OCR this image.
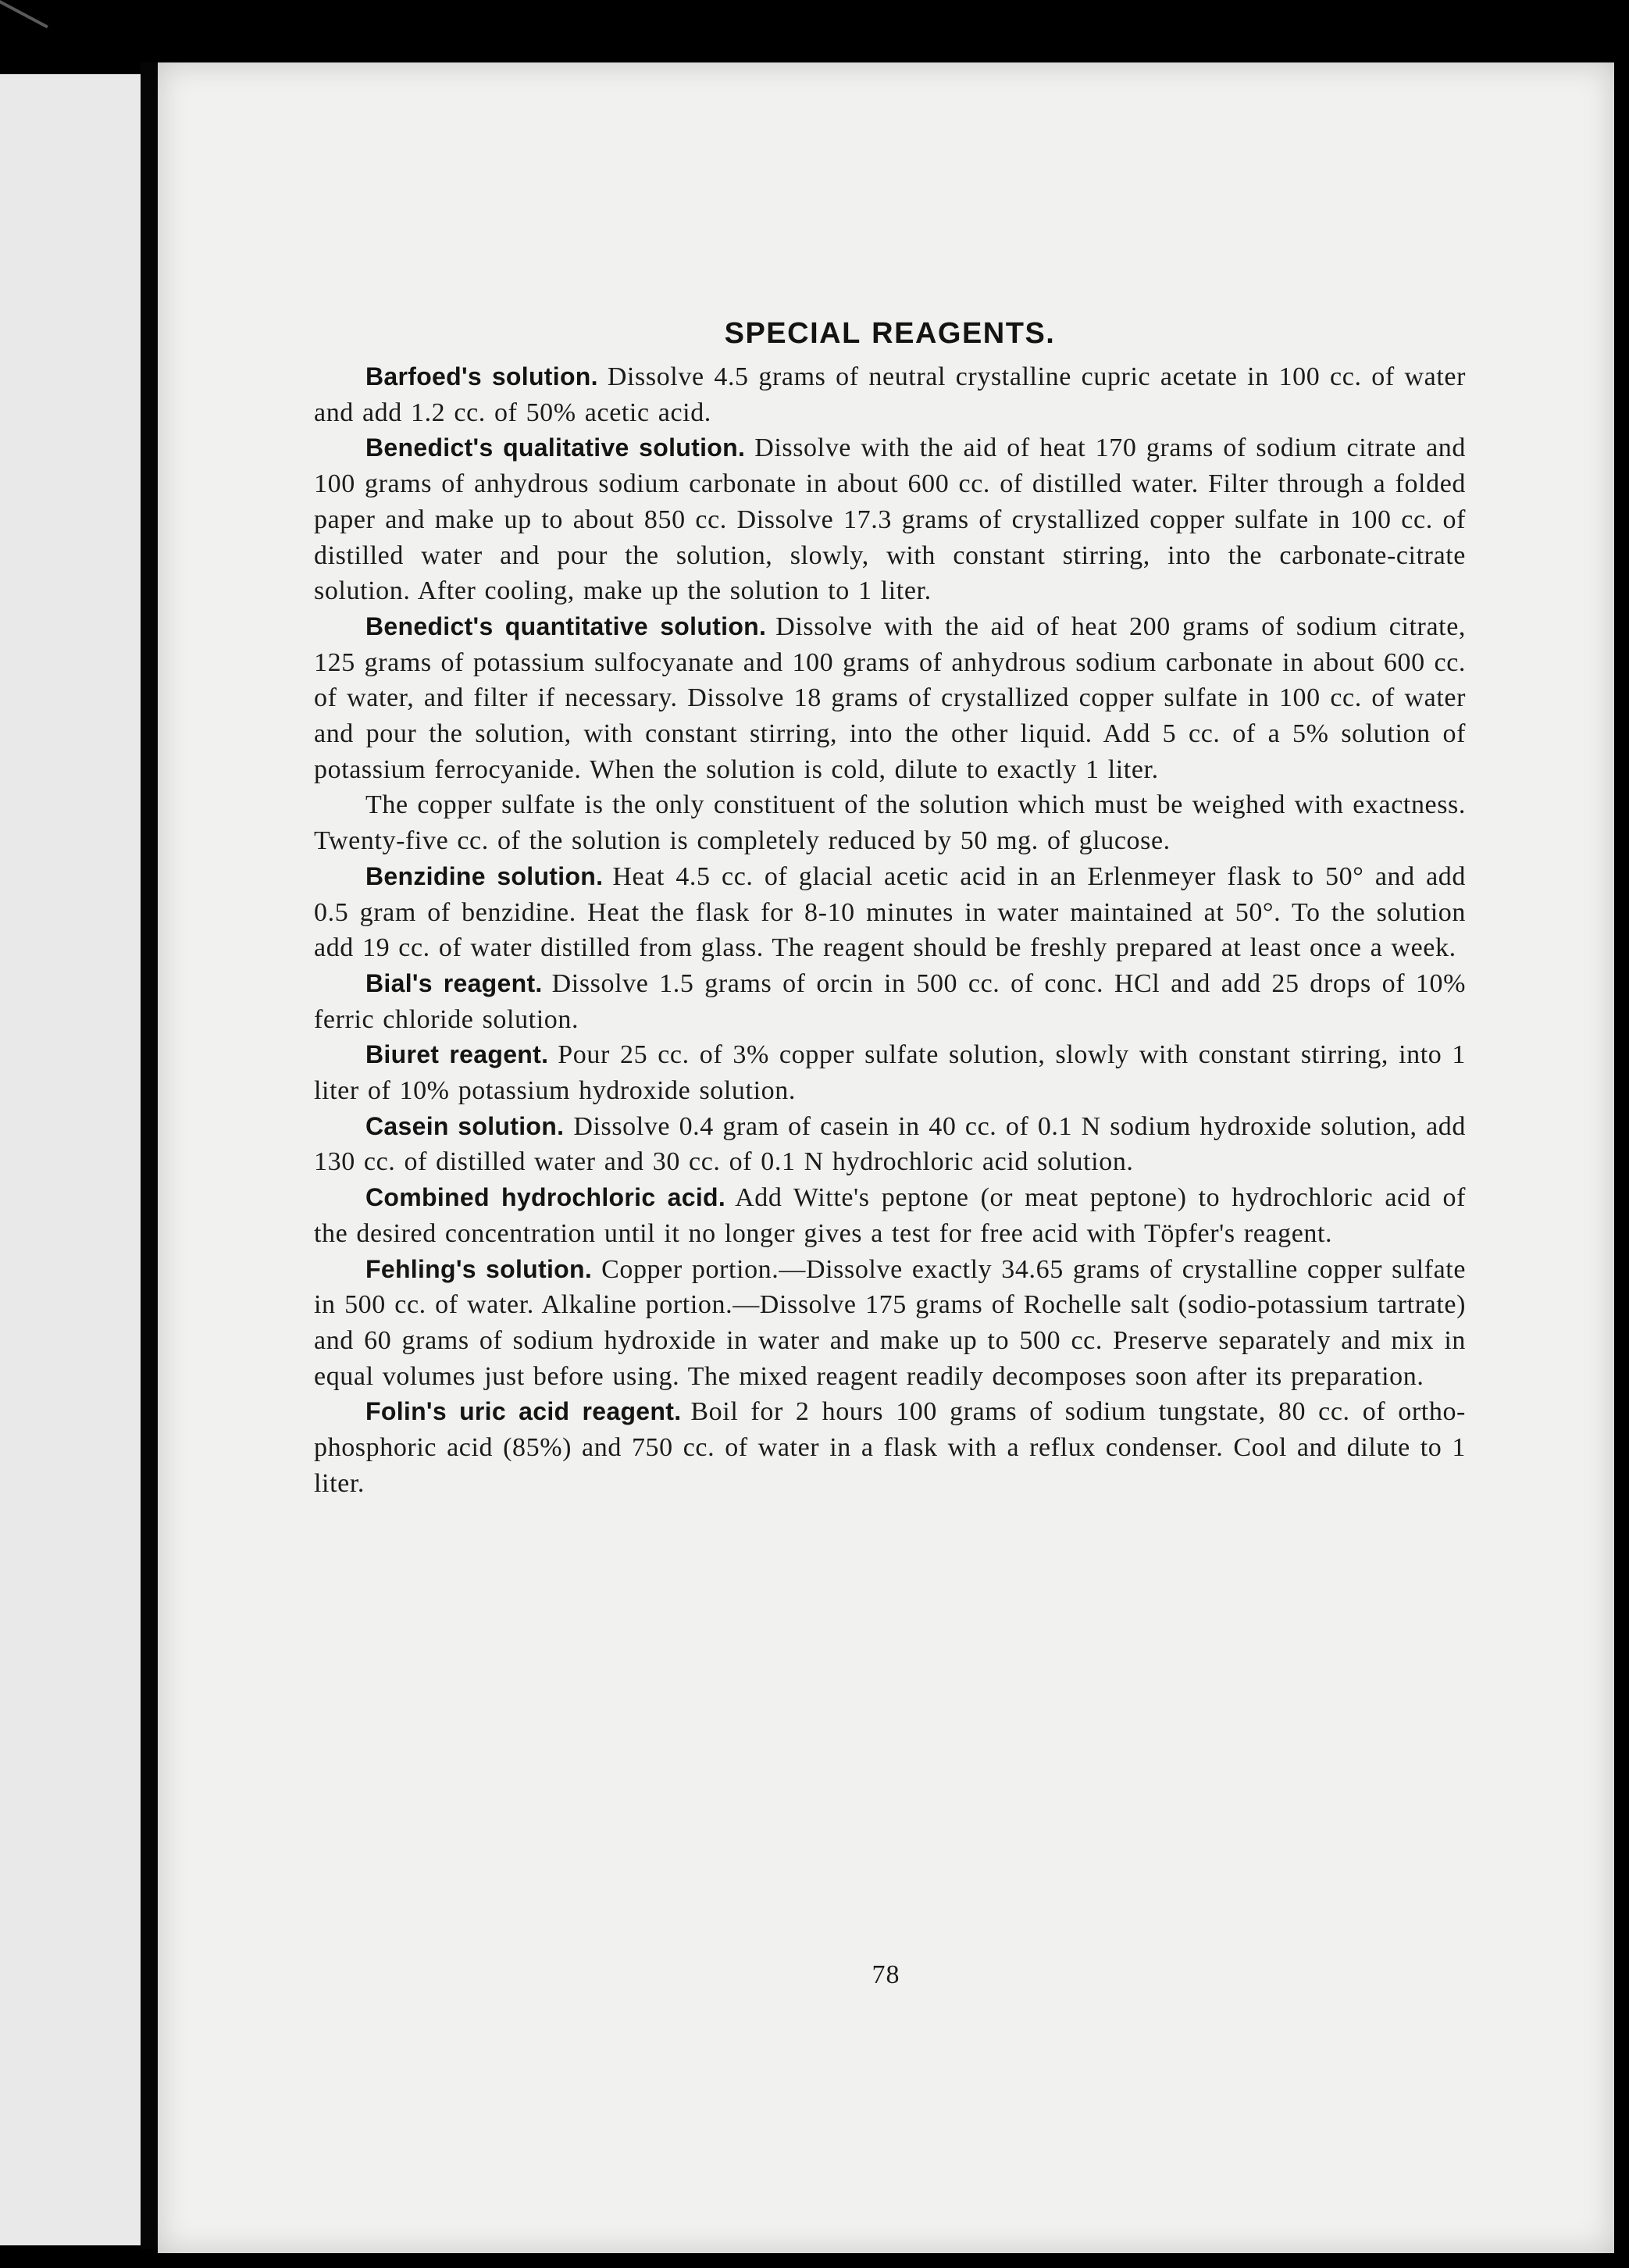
SPECIAL REAGENTS.

Barfoed's solution. Dissolve 4.5 grams of neutral crystalline cupric acetate in 100 cc. of water and add 1.2 cc. of 50% acetic acid.

Benedict's qualitative solution. Dissolve with the aid of heat 170 grams of sodium citrate and 100 grams of anhydrous sodium carbonate in about 600 cc. of distilled water. Filter through a folded paper and make up to about 850 cc. Dissolve 17.3 grams of crystallized copper sulfate in 100 cc. of distilled water and pour the solution, slowly, with constant stirring, into the carbonate-citrate solution. After cooling, make up the solution to 1 liter.

Benedict's quantitative solution. Dissolve with the aid of heat 200 grams of sodium citrate, 125 grams of potassium sulfocyanate and 100 grams of anhydrous sodium carbonate in about 600 cc. of water, and filter if necessary. Dissolve 18 grams of crystallized copper sulfate in 100 cc. of water and pour the solution, with constant stirring, into the other liquid. Add 5 cc. of a 5% solution of potassium ferrocyanide. When the solution is cold, dilute to exactly 1 liter.

The copper sulfate is the only constituent of the solution which must be weighed with exactness. Twenty-five cc. of the solution is completely reduced by 50 mg. of glucose.

Benzidine solution. Heat 4.5 cc. of glacial acetic acid in an Erlenmeyer flask to 50° and add 0.5 gram of benzidine. Heat the flask for 8-10 minutes in water maintained at 50°. To the solution add 19 cc. of water distilled from glass. The reagent should be freshly prepared at least once a week.

Bial's reagent. Dissolve 1.5 grams of orcin in 500 cc. of conc. HCl and add 25 drops of 10% ferric chloride solution.

Biuret reagent. Pour 25 cc. of 3% copper sulfate solution, slowly with constant stirring, into 1 liter of 10% potassium hydroxide solution.

Casein solution. Dissolve 0.4 gram of casein in 40 cc. of 0.1 N sodium hydroxide solution, add 130 cc. of distilled water and 30 cc. of 0.1 N hydrochloric acid solution.

Combined hydrochloric acid. Add Witte's peptone (or meat peptone) to hydrochloric acid of the desired concentration until it no longer gives a test for free acid with Töpfer's reagent.

Fehling's solution. Copper portion.—Dissolve exactly 34.65 grams of crystalline copper sulfate in 500 cc. of water. Alkaline portion.—Dissolve 175 grams of Rochelle salt (sodio-potassium tartrate) and 60 grams of sodium hydroxide in water and make up to 500 cc. Preserve separately and mix in equal volumes just before using. The mixed reagent readily decomposes soon after its preparation.

Folin's uric acid reagent. Boil for 2 hours 100 grams of sodium tungstate, 80 cc. of ortho-phosphoric acid (85%) and 750 cc. of water in a flask with a reflux condenser. Cool and dilute to 1 liter.

78
